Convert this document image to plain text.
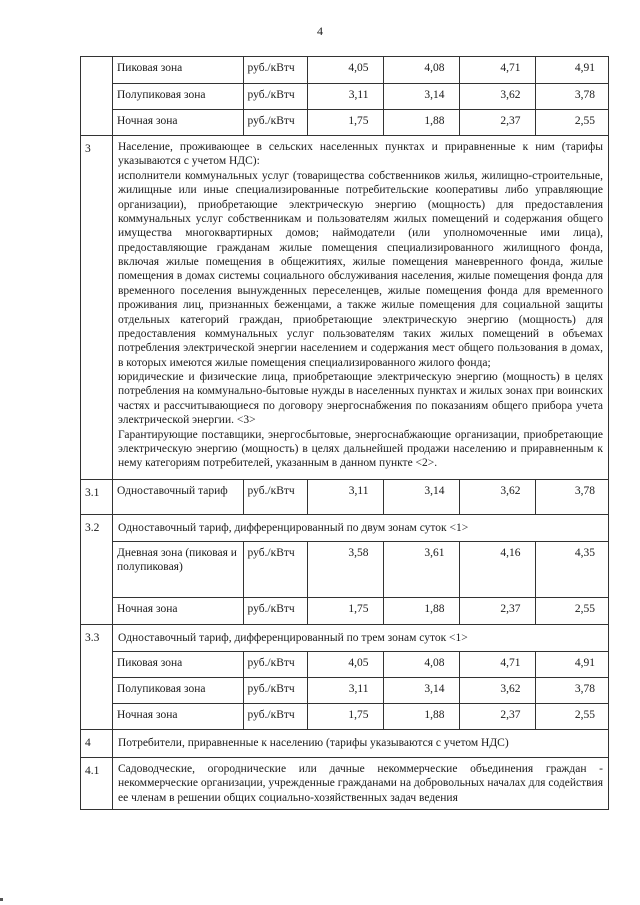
4

Пиковая зона	руб./кВтч	4,05	4,08	4,71	4,91
Полупиковая зона	руб./кВтч	3,11	3,14	3,62	3,78
Ночная зона	руб./кВтч	1,75	1,88	2,37	2,55

3	Население, проживающее в сельских населенных пунктах и приравненные к ним (тарифы указываются с учетом НДС):

исполнители коммунальных услуг (товарищества собственников жилья, жилищно-строительные, жилищные или иные специализированные потребительские кооперативы либо управляющие организации), приобретающие электрическую энергию (мощность) для предоставления коммунальных услуг собственникам и пользователям жилых помещений и содержания общего имущества многоквартирных домов; наймодатели (или уполномоченные ими лица), предоставляющие гражданам жилые помещения специализированного жилищного фонда, включая жилые помещения в общежитиях, жилые помещения маневренного фонда, жилые помещения в домах системы социального обслуживания населения, жилые помещения фонда для временного поселения вынужденных переселенцев, жилые помещения фонда для временного проживания лиц, признанных беженцами, а также жилые помещения для социальной защиты отдельных категорий граждан, приобретающие электрическую энергию (мощность) для предоставления коммунальных услуг пользователям таких жилых помещений в объемах потребления электрической энергии населением и содержания мест общего пользования в домах, в которых имеются жилые помещения специализированного жилого фонда;

юридические и физические лица, приобретающие электрическую энергию (мощность) в целях потребления на коммунально-бытовые нужды в населенных пунктах и жилых зонах при воинских частях и рассчитывающиеся по договору энергоснабжения по показаниям общего прибора учета электрической энергии. <3>

Гарантирующие поставщики, энергосбытовые, энергоснабжающие организации, приобретающие электрическую энергию (мощность) в целях дальнейшей продажи населению и приравненным к нему категориям потребителей, указанным в данном пункте <2>.

3.1	Одноставочный тариф	руб./кВтч	3,11	3,14	3,62	3,78

3.2	Одноставочный тариф, дифференцированный по двум зонам суток <1>
Дневная зона (пиковая и полупиковая)	руб./кВтч	3,58	3,61	4,16	4,35
Ночная зона	руб./кВтч	1,75	1,88	2,37	2,55

3.3	Одноставочный тариф, дифференцированный по трем зонам суток <1>
Пиковая зона	руб./кВтч	4,05	4,08	4,71	4,91
Полупиковая зона	руб./кВтч	3,11	3,14	3,62	3,78
Ночная зона	руб./кВтч	1,75	1,88	2,37	2,55

4	Потребители, приравненные к населению (тарифы указываются с учетом НДС)

4.1	Садоводческие, огороднические или дачные некоммерческие объединения граждан - некоммерческие организации, учрежденные гражданами на добровольных началах для содействия ее членам в решении общих социально-хозяйственных задач ведения
